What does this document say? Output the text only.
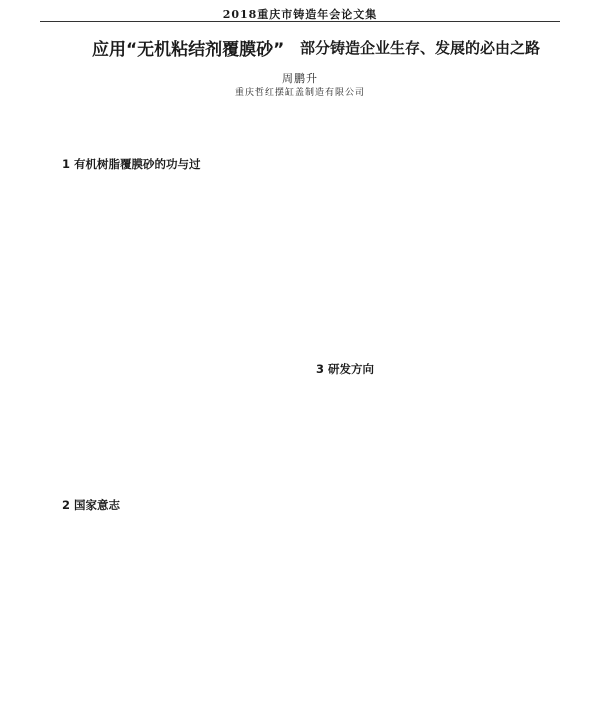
2018重庆市铸造年会论文集
应用“无机粘结剂覆膜砂” 部分铸造企业生存、发展的必由之路
周鹏升
重庆哲红摆缸盖制造有限公司
1 有机树脂覆膜砂的功与过
2 国家意志
3 研发方向
